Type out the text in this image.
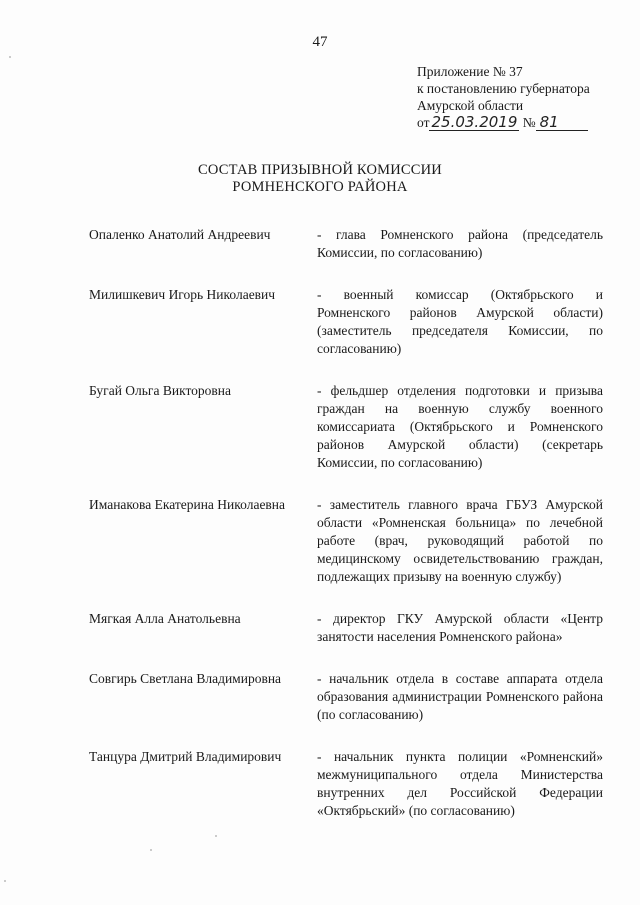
47
Приложение № 37
к постановлению губернатора
Амурской области
от 25.03.2019 № 81
СОСТАВ ПРИЗЫВНОЙ КОМИССИИ
РОМНЕНСКОГО РАЙОНА
Опаленко Анатолий Андреевич	- глава Ромненского района (председатель Комиссии, по согласованию)
Милишкевич Игорь Николаевич	- военный комиссар (Октябрьского и Ромненского районов Амурской области) (заместитель председателя Комиссии, по согласованию)
Бугай Ольга Викторовна	- фельдшер отделения подготовки и призыва граждан на военную службу военного комиссариата (Октябрьского и Ромненского районов Амурской области) (секретарь Комиссии, по согласованию)
Иманакова Екатерина Николаевна	- заместитель главного врача ГБУЗ Амурской области «Ромненская больница» по лечебной работе (врач, руководящий работой по медицинскому освидетельствованию граждан, подлежащих призыву на военную службу)
Мягкая Алла Анатольевна	- директор ГКУ Амурской области «Центр занятости населения Ромненского района»
Совгирь Светлана Владимировна	- начальник отдела в составе аппарата отдела образования администрации Ромненского района (по согласованию)
Танцура Дмитрий Владимирович	- начальник пункта полиции «Ромненский» межмуниципального отдела Министерства внутренних дел Российской Федерации «Октябрьский» (по согласованию)
